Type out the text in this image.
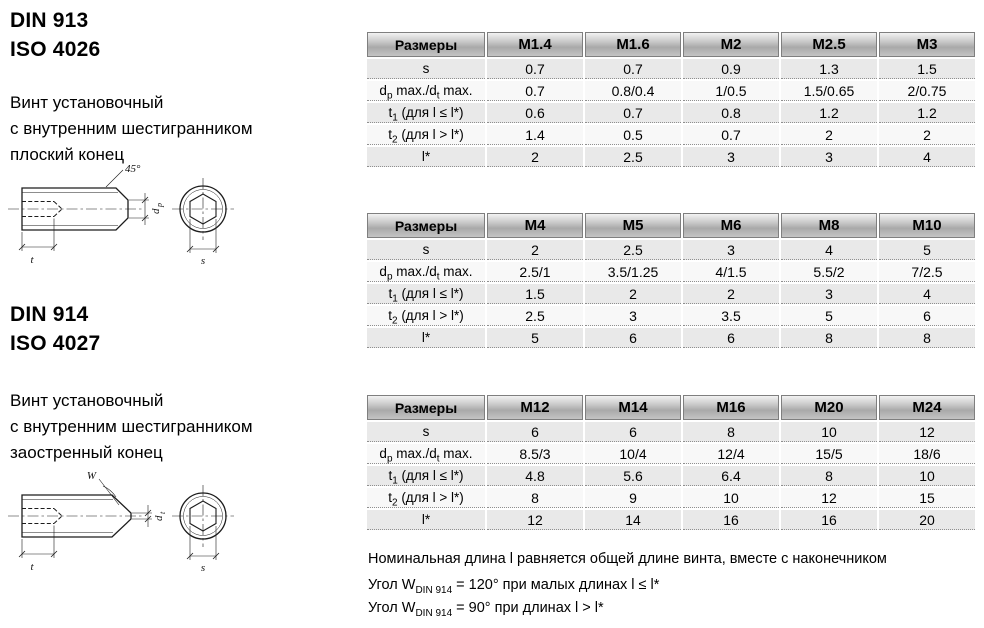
DIN 913
ISO 4026
Винт установочный
с внутренним шестигранником
плоский конец
45°
t
d
p
s
DIN 914
ISO 4027
Винт установочный
с внутренним шестигранником
заостренный конец
W
t
d
t
s
Размеры	M1.4	M1.6	M2	M2.5	M3
s	0.7	0.7	0.9	1.3	1.5
$d_p$ $\max./d_t$ max.	0.7	0.8/0.4	1/0.5	1.5/0.65	2/0.75
$t_1$ (для l ≤ l*)	0.6	0.7	0.8	1.2	1.2
$t_2$ (для l > l*)	1.4	0.5	0.7	2	2
l*	2	2.5	3	3	4
Размеры	M4	M5	M6	M8	M10
s	2	2.5	3	4	5
$d_p$ $\max./d_t$ max.	2.5/1	3.5/1.25	4/1.5	5.5/2	7/2.5
$t_1$ (для l ≤ l*)	1.5	2	2	3	4
$t_2$ (для l > l*)	2.5	3	3.5	5	6
l*	5	6	6	8	8
Размеры	M12	M14	M16	M20	M24
s	6	6	8	10	12
$d_p$ $\max./d_t$ max.	8.5/3	10/4	12/4	15/5	18/6
$t_1$ (для l ≤ l*)	4.8	5.6	6.4	8	10
$t_2$ (для l > l*)	8	9	10	12	15
l*	12	14	16	16	20
Номинальная длина l равняется общей длине винта, вместе с наконечником
Угол $W_{DIN 914} = 120^\circ$ при малых длинах l ≤ l*
Угол $W_{DIN 914} = 90^\circ$ при длинах l > l*
